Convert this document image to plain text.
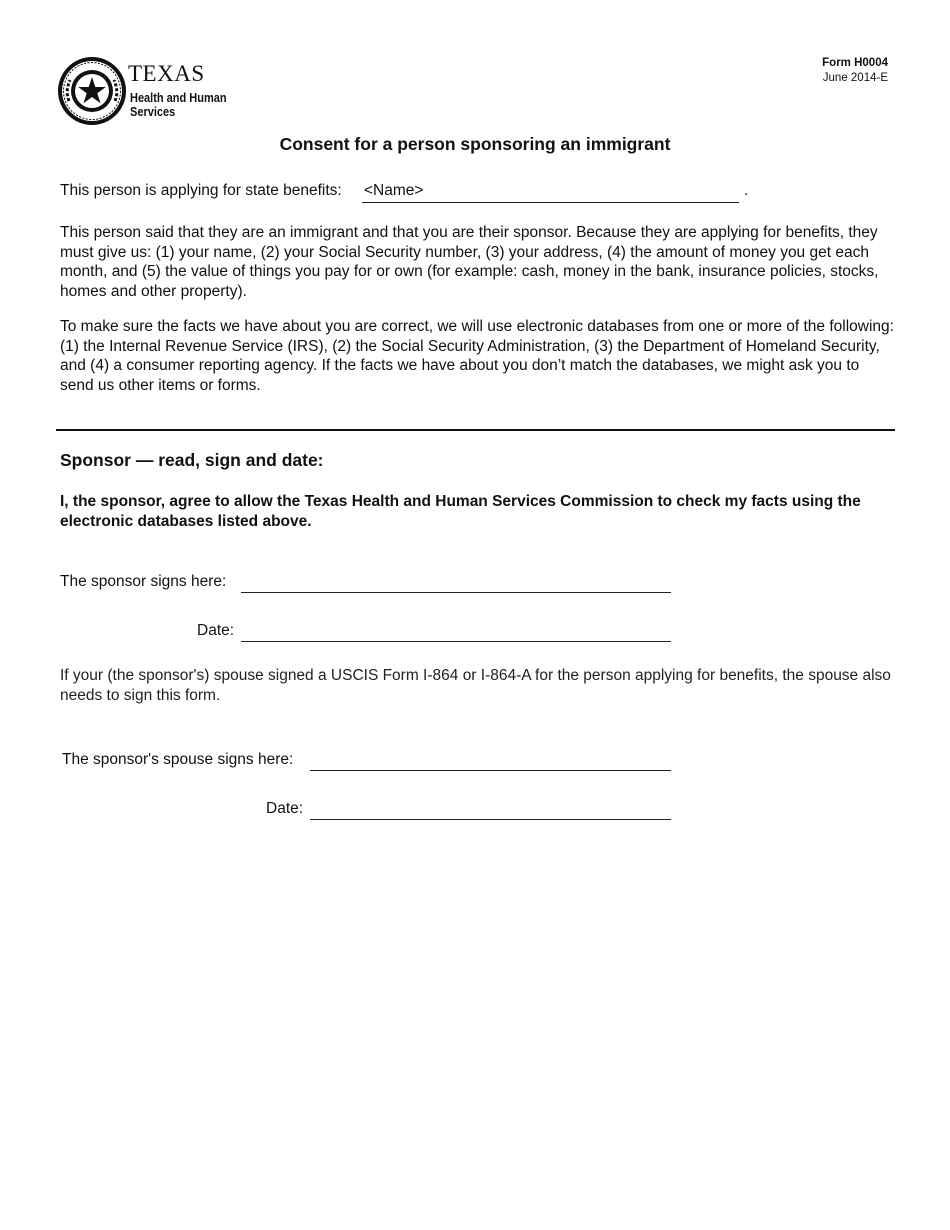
TEXAS
Health and Human
Services
Form H0004
June 2014-E
Consent for a person sponsoring an immigrant
This person is applying for state benefits: <Name>	.
This person said that they are an immigrant and that you are their sponsor. Because they are applying for benefits, they must give us: (1) your name, (2) your Social Security number, (3) your address, (4) the amount of money you get each month, and (5) the value of things you pay for or own (for example: cash, money in the bank, insurance policies, stocks, homes and other property).
To make sure the facts we have about you are correct, we will use electronic databases from one or more of the following: (1) the Internal Revenue Service (IRS), (2) the Social Security Administration, (3) the Department of Homeland Security, and (4) a consumer reporting agency. If the facts we have about you don’t match the databases, we might ask you to send us other items or forms.
Sponsor — read, sign and date:
I, the sponsor, agree to allow the Texas Health and Human Services Commission to check my facts using the electronic databases listed above.
The sponsor signs here:
Date:
If your (the sponsor's) spouse signed a USCIS Form I-864 or I-864-A for the person applying for benefits, the spouse also needs to sign this form.
The sponsor's spouse signs here:
Date:
